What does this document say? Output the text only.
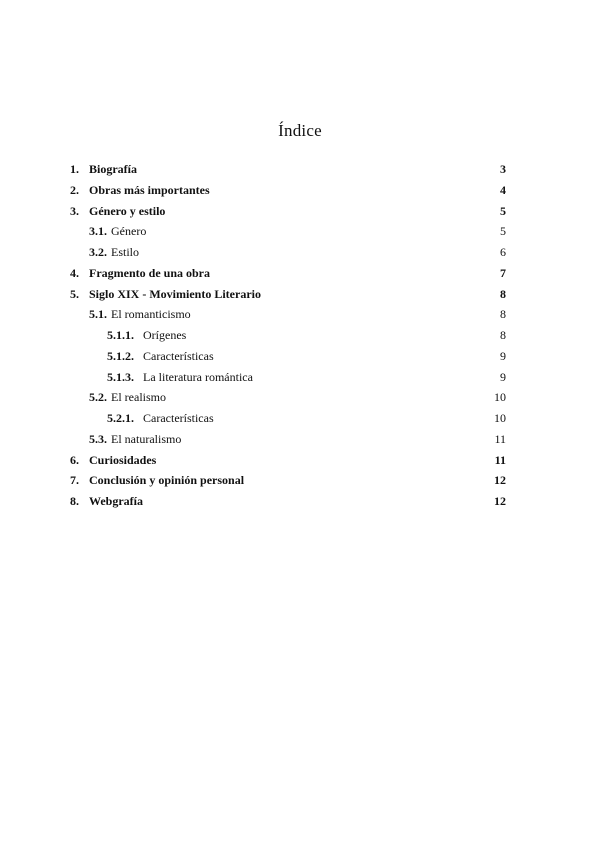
Índice
1. Biografía	3
2. Obras más importantes	4
3. Género y estilo	5
3.1. Género	5
3.2. Estilo	6
4. Fragmento de una obra	7
5. Siglo XIX - Movimiento Literario	8
5.1. El romanticismo	8
5.1.1. Orígenes	8
5.1.2. Características	9
5.1.3. La literatura romántica	9
5.2. El realismo	10
5.2.1. Características	10
5.3. El naturalismo	11
6. Curiosidades	11
7. Conclusión y opinión personal	12
8. Webgrafía	12
